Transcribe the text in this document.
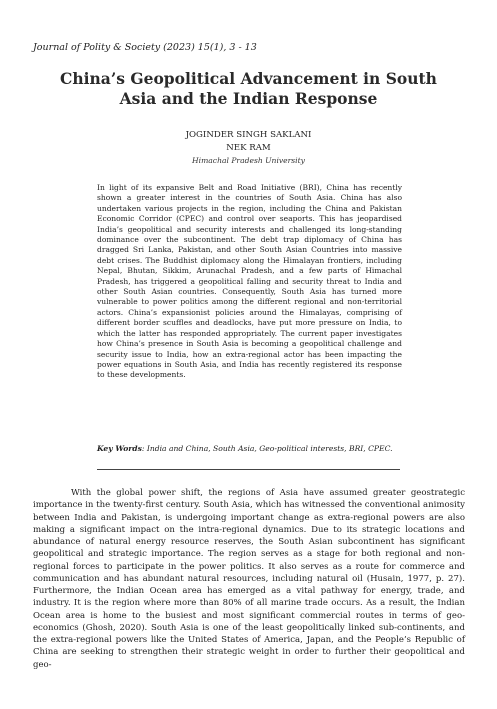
Journal of Polity & Society (2023) 15(1), 3 - 13
China’s Geopolitical Advancement in South Asia and the Indian Response
JOGINDER SINGH SAKLANI
NEK RAM
Himachal Pradesh University
In light of its expansive Belt and Road Initiative (BRI), China has recently shown a greater interest in the countries of South Asia. China has also undertaken various projects in the region, including the China and Pakistan Economic Corridor (CPEC) and control over seaports. This has jeopardised India’s geopolitical and security interests and challenged its long-standing dominance over the subcontinent. The debt trap diplomacy of China has dragged Sri Lanka, Pakistan, and other South Asian Countries into massive debt crises. The Buddhist diplomacy along the Himalayan frontiers, including Nepal, Bhutan, Sikkim, Arunachal Pradesh, and a few parts of Himachal Pradesh, has triggered a geopolitical falling and security threat to India and other South Asian countries. Consequently, South Asia has turned more vulnerable to power politics among the different regional and non-territorial actors. China’s expansionist policies around the Himalayas, comprising of different border scuffles and deadlocks, have put more pressure on India, to which the latter has responded appropriately. The current paper investigates how China’s presence in South Asia is becoming a geopolitical challenge and security issue to India, how an extra-regional actor has been impacting the power equations in South Asia, and India has recently registered its response to these developments.
Key Words: India and China, South Asia, Geo-political interests, BRI, CPEC.
With the global power shift, the regions of Asia have assumed greater geostrategic importance in the twenty-first century. South Asia, which has witnessed the conventional animosity between India and Pakistan, is undergoing important change as extra-regional powers are also making a significant impact on the intra-regional dynamics. Due to its strategic locations and abundance of natural energy resource reserves, the South Asian subcontinent has significant geopolitical and strategic importance. The region serves as a stage for both regional and non-regional forces to participate in the power politics. It also serves as a route for commerce and communication and has abundant natural resources, including natural oil (Husain, 1977, p. 27). Furthermore, the Indian Ocean area has emerged as a vital pathway for energy, trade, and industry. It is the region where more than 80% of all marine trade occurs. As a result, the Indian Ocean area is home to the busiest and most significant commercial routes in terms of geo-economics (Ghosh, 2020). South Asia is one of the least geopolitically linked sub-continents, and the extra-regional powers like the United States of America, Japan, and the People’s Republic of China are seeking to strengthen their strategic weight in order to further their geopolitical and geo-
